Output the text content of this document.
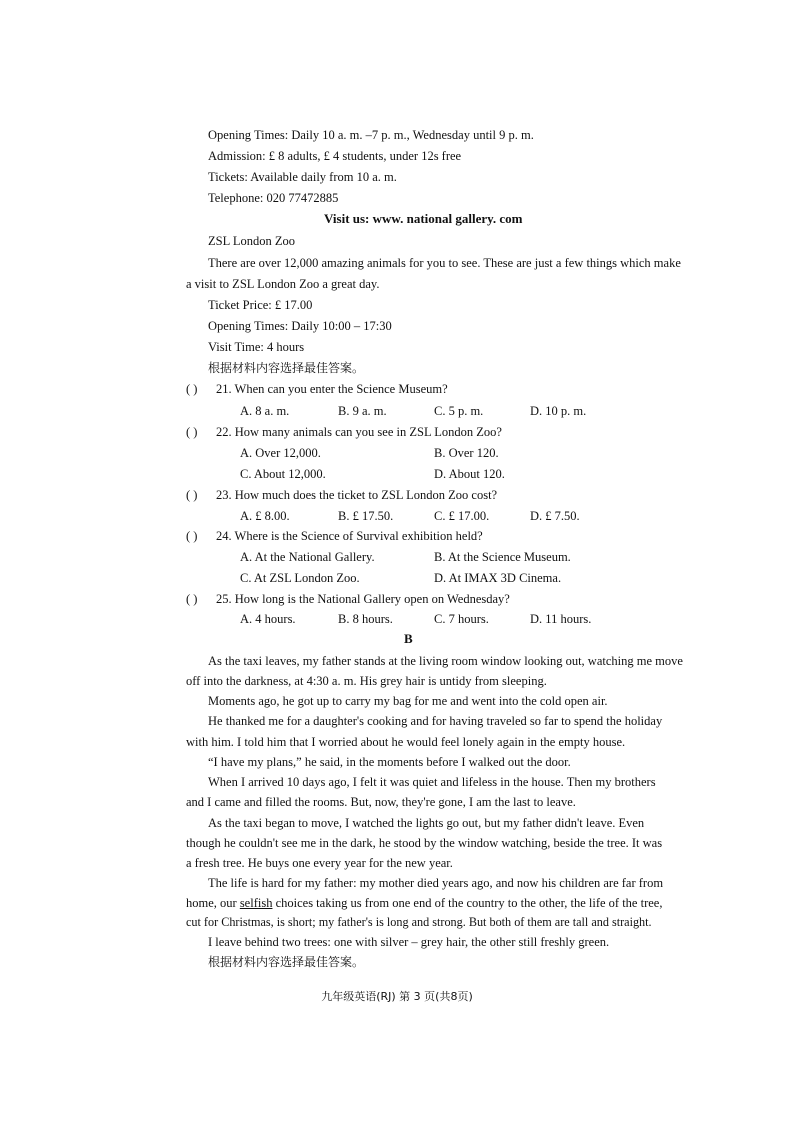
Opening Times: Daily 10 a. m. –7 p. m., Wednesday until 9 p. m.
Admission: £ 8 adults, £ 4 students, under 12s free
Tickets: Available daily from 10 a. m.
Telephone: 020 77472885
Visit us: www. national gallery. com
ZSL London Zoo
There are over 12,000 amazing animals for you to see. These are just a few things which make
a visit to ZSL London Zoo a great day.
Ticket Price: £ 17.00
Opening Times: Daily 10:00 – 17:30
Visit Time: 4 hours
根据材料内容选择最佳答案。
( ) 21. When can you enter the Science Museum?
A. 8 a. m.	B. 9 a. m.	C. 5 p. m.	D. 10 p. m.
( ) 22. How many animals can you see in ZSL London Zoo?
A. Over 12,000.	B. Over 120.
C. About 12,000.	D. About 120.
( ) 23. How much does the ticket to ZSL London Zoo cost?
A. £ 8.00.	B. £ 17.50.	C. £ 17.00.	D. £ 7.50.
( ) 24. Where is the Science of Survival exhibition held?
A. At the National Gallery.	B. At the Science Museum.
C. At ZSL London Zoo.	D. At IMAX 3D Cinema.
( ) 25. How long is the National Gallery open on Wednesday?
A. 4 hours.	B. 8 hours.	C. 7 hours.	D. 11 hours.
B
As the taxi leaves, my father stands at the living room window looking out, watching me move
off into the darkness, at 4:30 a. m. His grey hair is untidy from sleeping.
Moments ago, he got up to carry my bag for me and went into the cold open air.
He thanked me for a daughter's cooking and for having traveled so far to spend the holiday
with him. I told him that I worried about he would feel lonely again in the empty house.
“I have my plans,” he said, in the moments before I walked out the door.
When I arrived 10 days ago, I felt it was quiet and lifeless in the house. Then my brothers
and I came and filled the rooms. But, now, they're gone, I am the last to leave.
As the taxi began to move, I watched the lights go out, but my father didn't leave. Even
though he couldn't see me in the dark, he stood by the window watching, beside the tree. It was
a fresh tree. He buys one every year for the new year.
The life is hard for my father: my mother died years ago, and now his children are far from
home, our selfish choices taking us from one end of the country to the other, the life of the tree,
cut for Christmas, is short; my father's is long and strong. But both of them are tall and straight.
I leave behind two trees: one with silver – grey hair, the other still freshly green.
根据材料内容选择最佳答案。
九年级英语(RJ) 第 3 页(共8页)
